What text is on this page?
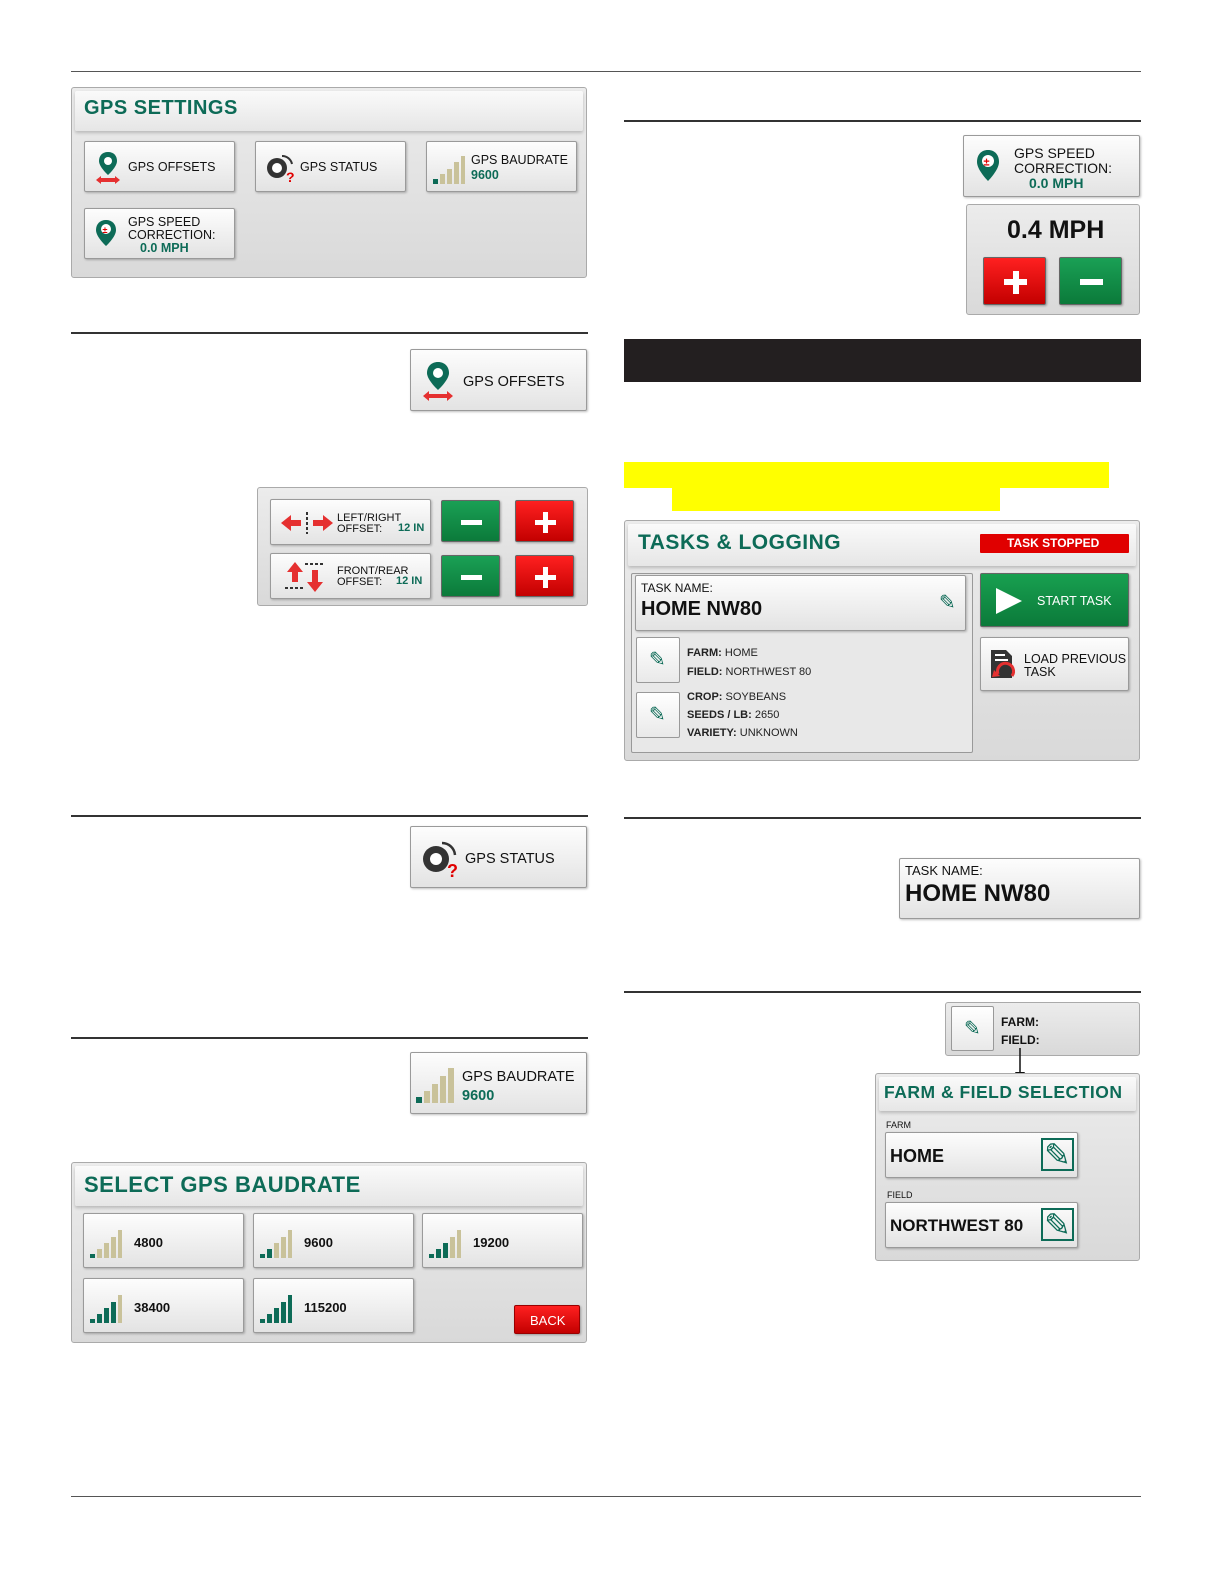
GPS SETTINGS
GPS OFFSETS
?
GPS STATUS	GPS BAUDRATE
9600
±
GPS SPEED
CORRECTION:
0.0 MPH
GPS OFFSETS
LEFT/RIGHT
OFFSET: 12 IN
FRONT/REAR
OFFSET: 12 IN
?
GPS STATUS
GPS BAUDRATE
9600
SELECT GPS BAUDRATE
4800	9600	19200
38400	115200
BACK
±
GPS SPEED
CORRECTION:
0.0 MPH
0.4 MPH
TASKS & LOGGING	TASK STOPPED
TASK NAME:
HOME NW80	✎
✎ FARM: HOME
FIELD: NORTHWEST 80
✎
CROP: SOYBEANS
SEEDS / LB: 2650
VARIETY: UNKNOWN
START TASK
LOAD PREVIOUS
TASK
TASK NAME:
HOME NW80
✎ FARM:
FIELD:
FARM & FIELD SELECTION
FARM
HOME	✎
FIELD
NORTHWEST 80 ✎
